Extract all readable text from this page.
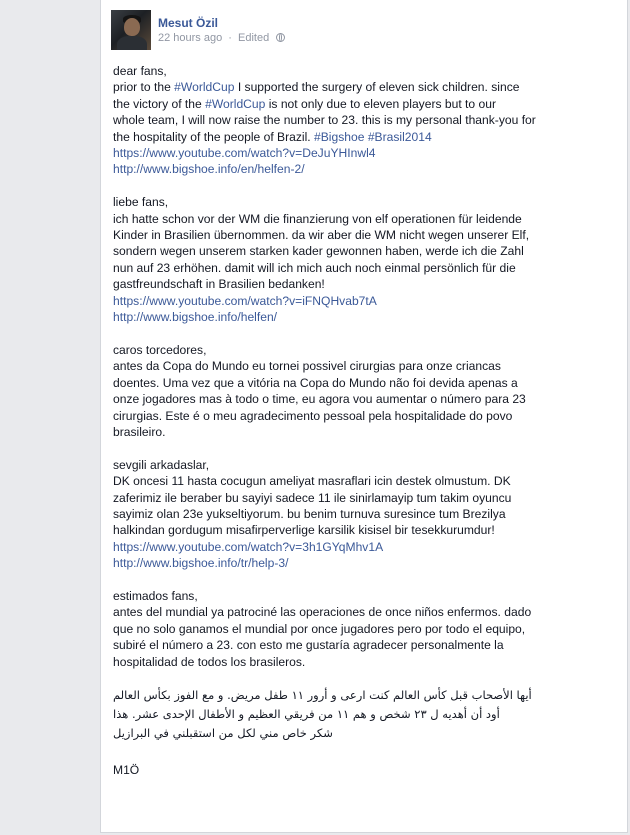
Mesut Özil
22 hours ago · Edited
dear fans,
prior to the #WorldCup I supported the surgery of eleven sick children. since
the victory of the #WorldCup is not only due to eleven players but to our
whole team, I will now raise the number to 23. this is my personal thank-you for
the hospitality of the people of Brazil. #Bigshoe #Brasil2014
https://www.youtube.com/watch?v=DeJuYHInwl4
http://www.bigshoe.info/en/helfen-2/
liebe fans,
ich hatte schon vor der WM die finanzierung von elf operationen für leidende
Kinder in Brasilien übernommen. da wir aber die WM nicht wegen unserer Elf,
sondern wegen unserem starken kader gewonnen haben, werde ich die Zahl
nun auf 23 erhöhen. damit will ich mich auch noch einmal persönlich für die
gastfreundschaft in Brasilien bedanken!
https://www.youtube.com/watch?v=iFNQHvab7tA
http://www.bigshoe.info/helfen/
caros torcedores,
antes da Copa do Mundo eu tornei possivel cirurgias para onze criancas
doentes. Uma vez que a vitória na Copa do Mundo não foi devida apenas a
onze jogadores mas à todo o time, eu agora vou aumentar o número para 23
cirurgias. Este é o meu agradecimento pessoal pela hospitalidade do povo
brasileiro.
sevgili arkadaslar,
DK oncesi 11 hasta cocugun ameliyat masraflari icin destek olmustum. DK
zaferimiz ile beraber bu sayiyi sadece 11 ile sinirlamayip tum takim oyuncu
sayimiz olan 23e yukseltiyorum. bu benim turnuva suresince tum Brezilya
halkindan gordugum misafirperverlige karsilik kisisel bir tesekkurumdur!
https://www.youtube.com/watch?v=3h1GYqMhv1A
http://www.bigshoe.info/tr/help-3/
estimados fans,
antes del mundial ya patrociné las operaciones de once niños enfermos. dado
que no solo ganamos el mundial por once jugadores pero por todo el equipo,
subiré el número a 23. con esto me gustaría agradecer personalmente la
hospitalidad de todos los brasileros.
أيها الأصحاب قبل كأس العالم كنت ارعى و أرور ١١ طفل مريض. و مع الفوز بكأس العالم
أود أن أهديه ل ٢٣ شخص و هم ١١ من فريقي العظيم و الأطفال الإحدى عشر. هذا
شكر خاص مني لكل من استقبلني في البرازيل
M1Ö
